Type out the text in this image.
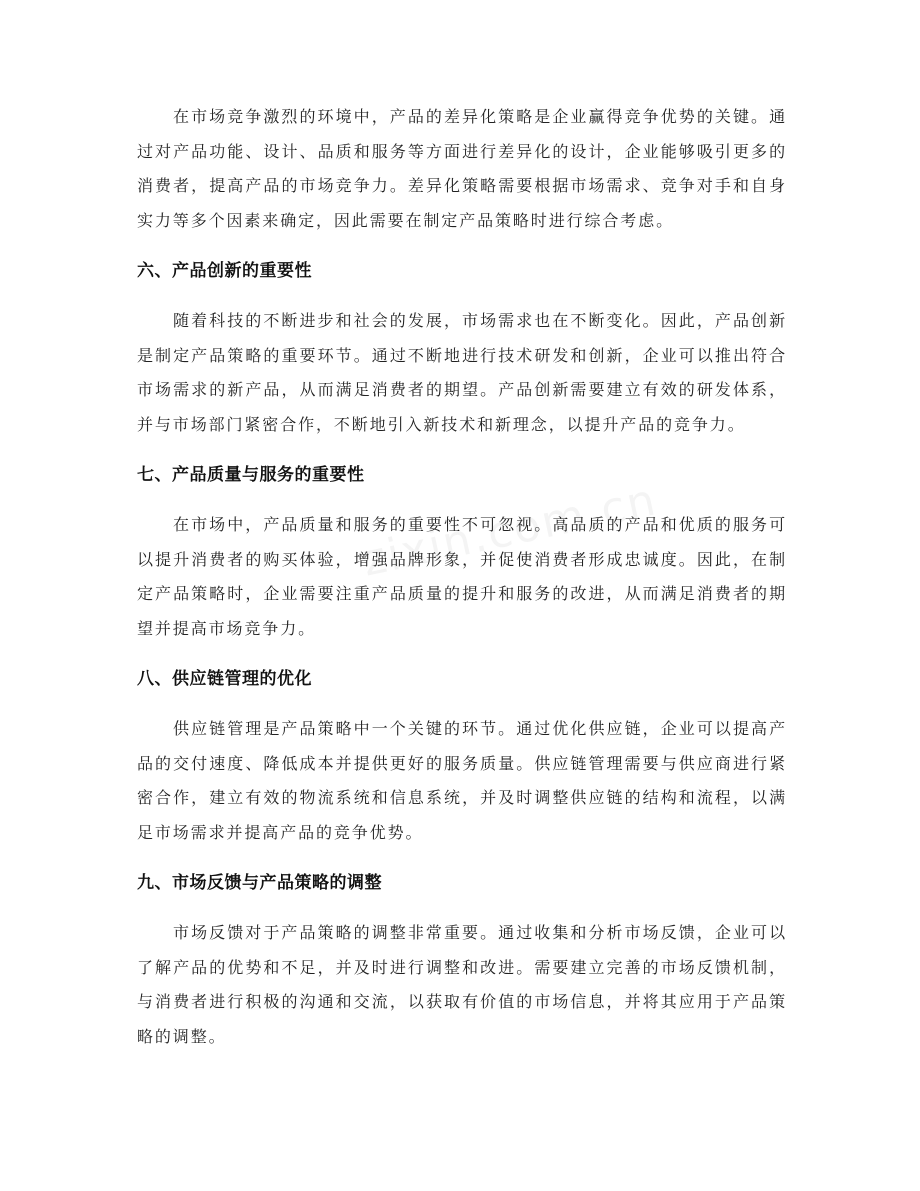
在市场竞争激烈的环境中，产品的差异化策略是企业赢得竞争优势的关键。通过对产品功能、设计、品质和服务等方面进行差异化的设计，企业能够吸引更多的消费者，提高产品的市场竞争力。差异化策略需要根据市场需求、竞争对手和自身实力等多个因素来确定，因此需要在制定产品策略时进行综合考虑。

六、产品创新的重要性

随着科技的不断进步和社会的发展，市场需求也在不断变化。因此，产品创新是制定产品策略的重要环节。通过不断地进行技术研发和创新，企业可以推出符合市场需求的新产品，从而满足消费者的期望。产品创新需要建立有效的研发体系，并与市场部门紧密合作，不断地引入新技术和新理念，以提升产品的竞争力。

七、产品质量与服务的重要性

在市场中，产品质量和服务的重要性不可忽视。高品质的产品和优质的服务可以提升消费者的购买体验，增强品牌形象，并促使消费者形成忠诚度。因此，在制定产品策略时，企业需要注重产品质量的提升和服务的改进，从而满足消费者的期望并提高市场竞争力。

八、供应链管理的优化

供应链管理是产品策略中一个关键的环节。通过优化供应链，企业可以提高产品的交付速度、降低成本并提供更好的服务质量。供应链管理需要与供应商进行紧密合作，建立有效的物流系统和信息系统，并及时调整供应链的结构和流程，以满足市场需求并提高产品的竞争优势。

九、市场反馈与产品策略的调整

市场反馈对于产品策略的调整非常重要。通过收集和分析市场反馈，企业可以了解产品的优势和不足，并及时进行调整和改进。需要建立完善的市场反馈机制，与消费者进行积极的沟通和交流，以获取有价值的市场信息，并将其应用于产品策略的调整。
